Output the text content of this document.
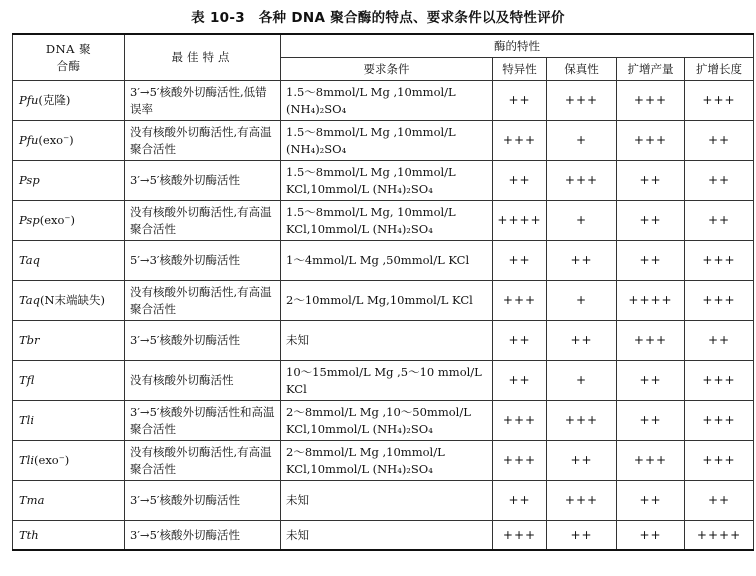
表 10-3　各种 DNA 聚合酶的特点、要求条件以及特性评价
DNA 聚
合酶	最佳特点	酶的特性				
		要求条件	特异性	保真性	扩增产量	扩增长度
Pfu(克隆)	3′→5′核酸外切酶活性,低错误率	1.5～8mmol/L Mg ,10mmol/L (NH₄)₂SO₄	++	+++	+++	+++
Pfu(exo⁻)	没有核酸外切酶活性,有高温聚合活性	1.5～8mmol/L Mg ,10mmol/L (NH₄)₂SO₄	+++	+	+++	++
Psp	3′→5′核酸外切酶活性	1.5～8mmol/L Mg ,10mmol/L KCl,10mmol/L (NH₄)₂SO₄	++	+++	++	++
Psp(exo⁻)	没有核酸外切酶活性,有高温聚合活性	1.5～8mmol/L Mg, 10mmol/L KCl,10mmol/L (NH₄)₂SO₄	++++	+	++	++
Taq	5′→3′核酸外切酶活性	1～4mmol/L Mg ,50mmol/L KCl	++	++	++	+++
Taq(N末端缺失)	没有核酸外切酶活性,有高温聚合活性	2～10mmol/L Mg,10mmol/L KCl	+++	+	++++	+++
Tbr	3′→5′核酸外切酶活性	未知	++	++	+++	++
Tfl	没有核酸外切酶活性	10～15mmol/L Mg ,5～10 mmol/L KCl	++	+	++	+++
Tli	3′→5′核酸外切酶活性和高温聚合活性	2～8mmol/L Mg ,10～50mmol/L KCl,10mmol/L (NH₄)₂SO₄	+++	+++	++	+++
Tli(exo⁻)	没有核酸外切酶活性,有高温聚合活性	2～8mmol/L Mg ,10mmol/L KCl,10mmol/L (NH₄)₂SO₄	+++	++	+++	+++
Tma	3′→5′核酸外切酶活性	未知	++	+++	++	++
Tth	3′→5′核酸外切酶活性	未知	+++	++	++	++++
